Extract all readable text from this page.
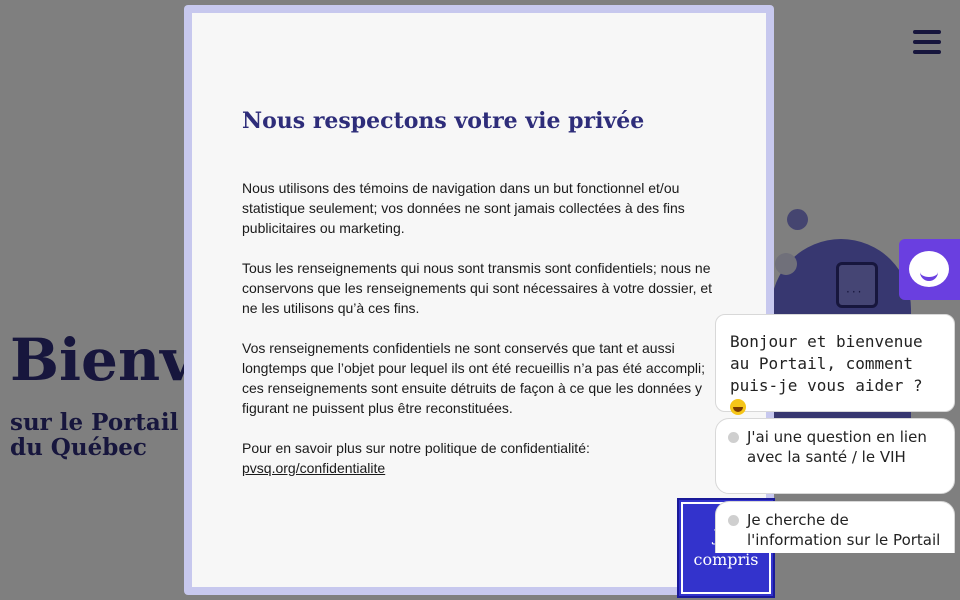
Nous respectons votre vie privée

Nous utilisons des témoins de navigation dans un but fonctionnel et/ou statistique seulement; vos données ne sont jamais collectées à des fins publicitaires ou marketing.

Tous les renseignements qui nous sont transmis sont confidentiels; nous ne conservons que les renseignements qui sont nécessaires à votre dossier, et ne les utilisons qu’à ces fins.

Vos renseignements confidentiels ne sont conservés que tant et aussi longtemps que l’objet pour lequel ils ont été recueillis n’a pas été accompli; ces renseignements sont ensuite détruits de façon à ce que les données y figurant ne puissent plus être reconstituées.

Pour en savoir plus sur notre politique de confidentialité:
pvsq.org/confidentialite

compris
Bonjour et bienvenue au Portail, comment puis-je vous aider ?
J'ai une question en lien avec la santé / le VIH
Je cherche de l'information sur le Portail
